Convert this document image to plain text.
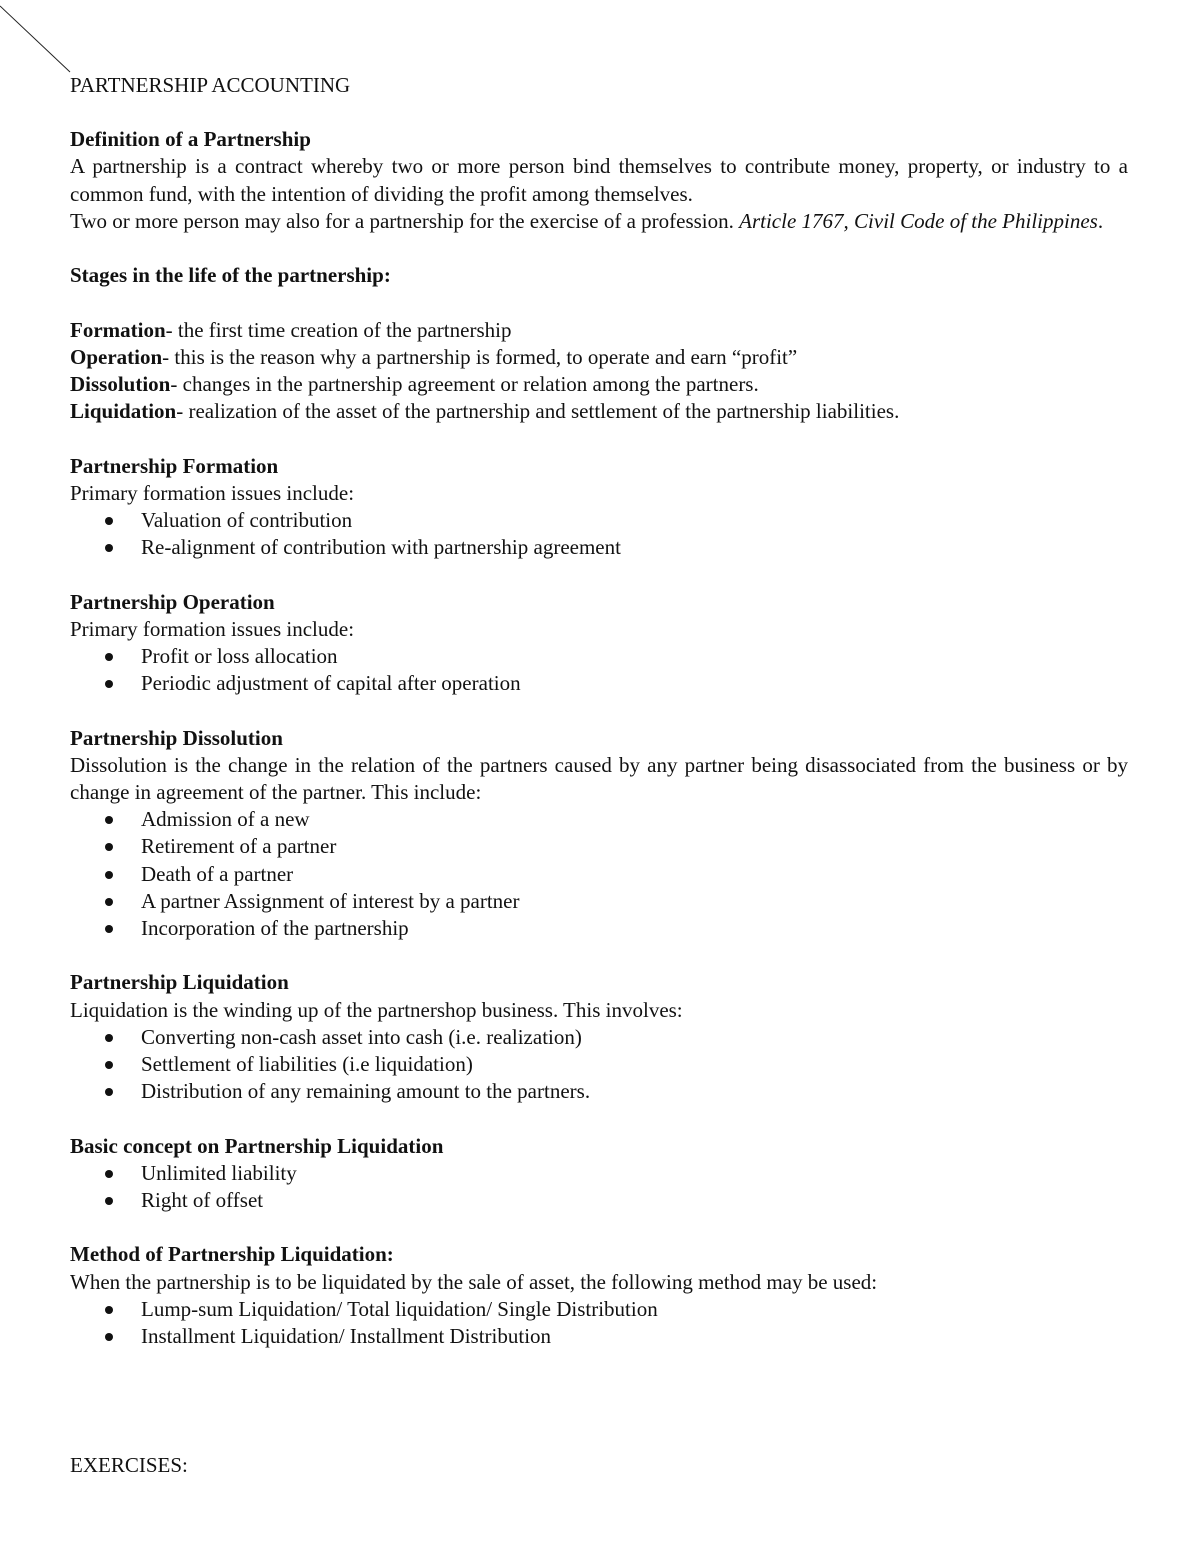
PARTNERSHIP ACCOUNTING
Definition of a Partnership

A partnership is a contract whereby two or more person bind themselves to contribute money, property, or industry to a common fund, with the intention of dividing the profit among themselves.

Two or more person may also for a partnership for the exercise of a profession. Article 1767, Civil Code of the Philippines.

Stages in the life of the partnership:
Formation- the first time creation of the partnership
Operation- this is the reason why a partnership is formed, to operate and earn “profit”
Dissolution- changes in the partnership agreement or relation among the partners.
Liquidation- realization of the asset of the partnership and settlement of the partnership liabilities.
Partnership Formation

Primary formation issues include:

Valuation of contribution
Re-alignment of contribution with partnership agreement
Partnership Operation

Primary formation issues include:

Profit or loss allocation
Periodic adjustment of capital after operation
Partnership Dissolution

Dissolution is the change in the relation of the partners caused by any partner being disassociated from the business or by change in agreement of the partner. This include:

Admission of a new
Retirement of a partner
Death of a partner
A partner Assignment of interest by a partner
Incorporation of the partnership
Partnership Liquidation

Liquidation is the winding up of the partnershop business. This involves:

Converting non-cash asset into cash (i.e. realization)
Settlement of liabilities (i.e liquidation)
Distribution of any remaining amount to the partners.
Basic concept on Partnership Liquidation
Unlimited liability
Right of offset
Method of Partnership Liquidation:

When the partnership is to be liquidated by the sale of asset, the following method may be used:

Lump-sum Liquidation/ Total liquidation/ Single Distribution
Installment Liquidation/ Installment Distribution
EXERCISES:
